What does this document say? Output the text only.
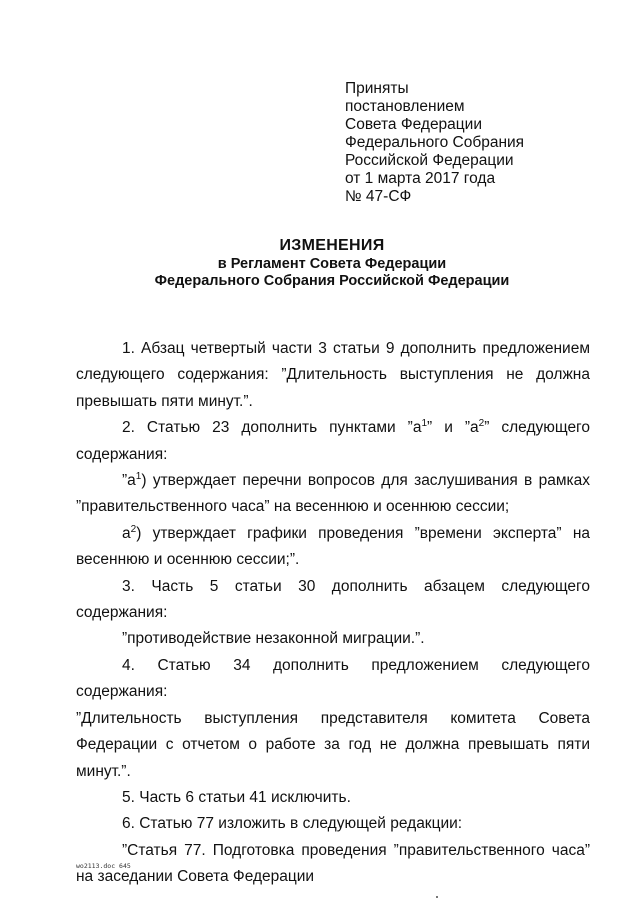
Приняты
постановлением
Совета Федерации
Федерального Собрания
Российской Федерации
от 1 марта 2017 года
№ 47-СФ
ИЗМЕНЕНИЯ
в Регламент Совета Федерации
Федерального Собрания Российской Федерации

1. Абзац четвертый части 3 статьи 9 дополнить предложением следующего содержания: ”Длительность выступления не должна превышать пяти минут.”.

2. Статью 23 дополнить пунктами $”а^1$” и $”а^2$” следующего содержания:

$”а^1$) утверждает перечни вопросов для заслушивания в рамках ”правительственного часа” на весеннюю и осеннюю сессии;

$а^2$) утверждает графики проведения ”времени эксперта” на весеннюю и осеннюю сессии;”.

3. Часть 5 статьи 30 дополнить абзацем следующего содержания:

”противодействие незаконной миграции.”.

4. Статью 34 дополнить предложением следующего содержания:

”Длительность выступления представителя комитета Совета Федерации с отчетом о работе за год не должна превышать пяти минут.”.

5. Часть 6 статьи 41 исключить.

6. Статью 77 изложить в следующей редакции:

”Статья 77. Подготовка проведения ”правительственного часа” на заседании Совета Федерации

wo2113.doc 645
